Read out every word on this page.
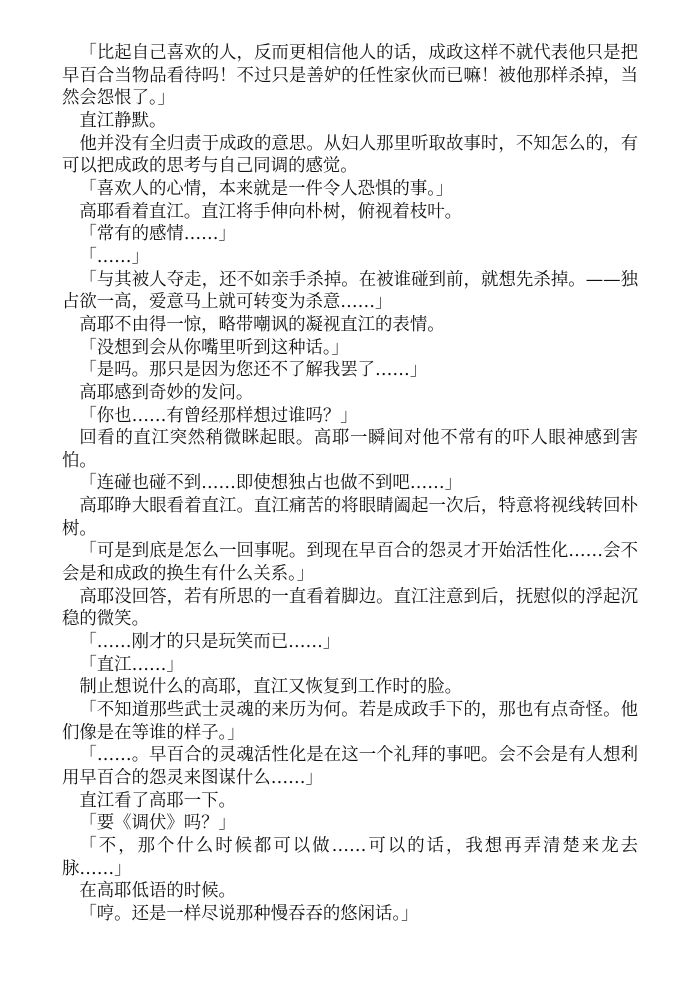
「比起自己喜欢的人，反而更相信他人的话，成政这样不就代表他只是把早百合当物品看待吗！不过只是善妒的任性家伙而已嘛！被他那样杀掉，当然会怨恨了。」

直江静默。

他并没有全归责于成政的意思。从妇人那里听取故事时，不知怎么的，有可以把成政的思考与自己同调的感觉。

「喜欢人的心情，本来就是一件令人恐惧的事。」

高耶看着直江。直江将手伸向朴树，俯视着枝叶。

「常有的感情……」

「……」

「与其被人夺走，还不如亲手杀掉。在被谁碰到前，就想先杀掉。——独占欲一高，爱意马上就可转变为杀意……」

高耶不由得一惊，略带嘲讽的凝视直江的表情。

「没想到会从你嘴里听到这种话。」

「是吗。那只是因为您还不了解我罢了……」

高耶感到奇妙的发问。

「你也……有曾经那样想过谁吗？」

回看的直江突然稍微眯起眼。高耶一瞬间对他不常有的吓人眼神感到害怕。

「连碰也碰不到……即使想独占也做不到吧……」

高耶睁大眼看着直江。直江痛苦的将眼睛阖起一次后，特意将视线转回朴树。

「可是到底是怎么一回事呢。到现在早百合的怨灵才开始活性化……会不会是和成政的换生有什么关系。」

高耶没回答，若有所思的一直看着脚边。直江注意到后，抚慰似的浮起沉稳的微笑。

「……刚才的只是玩笑而已……」

「直江……」

制止想说什么的高耶，直江又恢复到工作时的脸。

「不知道那些武士灵魂的来历为何。若是成政手下的，那也有点奇怪。他们像是在等谁的样子。」

「……。早百合的灵魂活性化是在这一个礼拜的事吧。会不会是有人想利用早百合的怨灵来图谋什么……」

直江看了高耶一下。

「要《调伏》吗？」

「不，那个什么时候都可以做……可以的话，我想再弄清楚来龙去脉……」

在高耶低语的时候。

「哼。还是一样尽说那种慢吞吞的悠闲话。」
